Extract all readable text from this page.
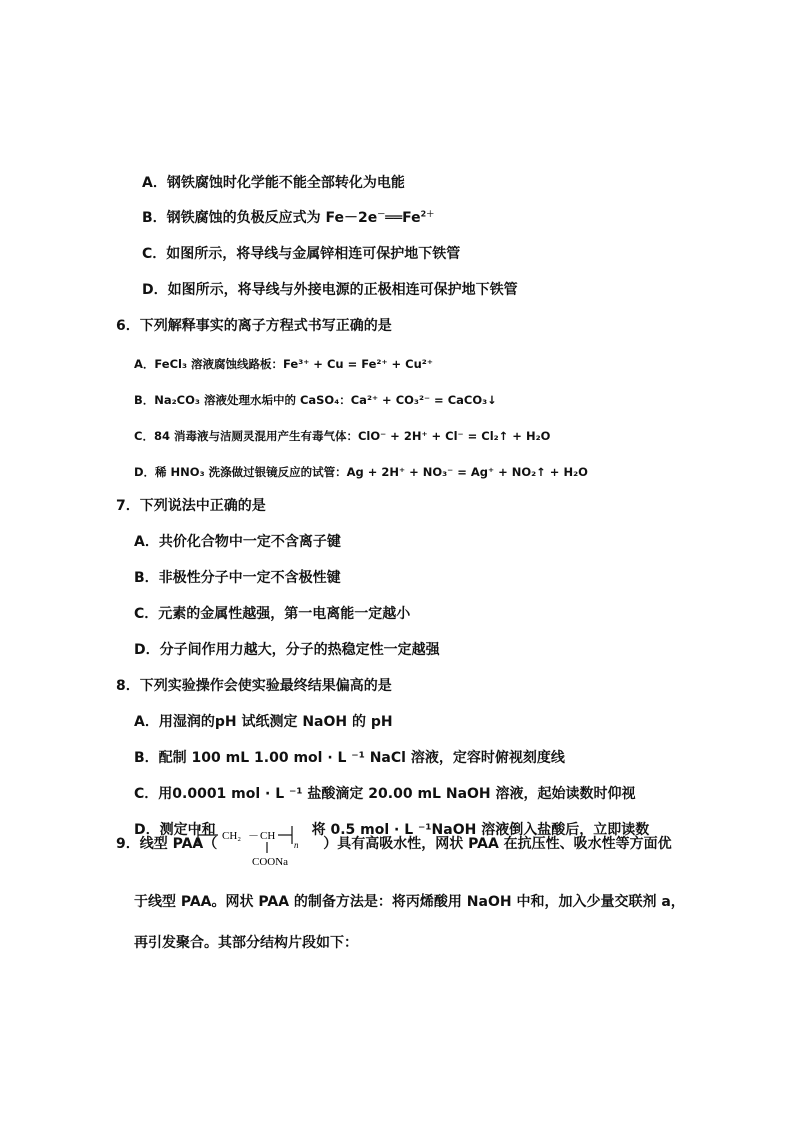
A．钢铁腐蚀时化学能不能全部转化为电能
B．钢铁腐蚀的负极反应式为 $Fe-2e^-══Fe^{2+}$
C．如图所示，将导线与金属锌相连可保护地下铁管
D．如图所示，将导线与外接电源的正极相连可保护地下铁管
6．下列解释事实的离子方程式书写正确的是
A．FeCl₃ 溶液腐蚀线路板：Fe³⁺ + Cu = Fe²⁺ + Cu²⁺
B．Na₂CO₃ 溶液处理水垢中的 CaSO₄：Ca²⁺ + CO₃²⁻ = CaCO₃↓
C．84 消毒液与洁厕灵混用产生有毒气体：ClO⁻ + 2H⁺ + Cl⁻ = Cl₂↑ + H₂O
D．稀 HNO₃ 洗涤做过银镜反应的试管：Ag + 2H⁺ + NO₃⁻ = Ag⁺ + NO₂↑ + H₂O
7．下列说法中正确的是
A．共价化合物中一定不含离子键
B．非极性分子中一定不含极性键
C．元素的金属性越强，第一电离能一定越小
D．分子间作用力越大，分子的热稳定性一定越强
8．下列实验操作会使实验最终结果偏高的是
A．用湿润的pH 试纸测定 NaOH 的 pH
B．配制 100 mL 1.00 mol · L ⁻¹ NaCl 溶液，定容时俯视刻度线
C．用0.0001 mol · L ⁻¹ 盐酸滴定 20.00 mL NaOH 溶液，起始读数时仰视
D．测定中和	将 0.5 mol · L ⁻¹NaOH 溶液倒入盐酸后，立即读数
9．线型 PAA（	）具有高吸水性，网状 PAA 在抗压性、吸水性等方面优
CH₂ － CH
n
COONa
于线型 PAA。网状 PAA 的制备方法是：将丙烯酸用 NaOH 中和，加入少量交联剂 a，
再引发聚合。其部分结构片段如下：
